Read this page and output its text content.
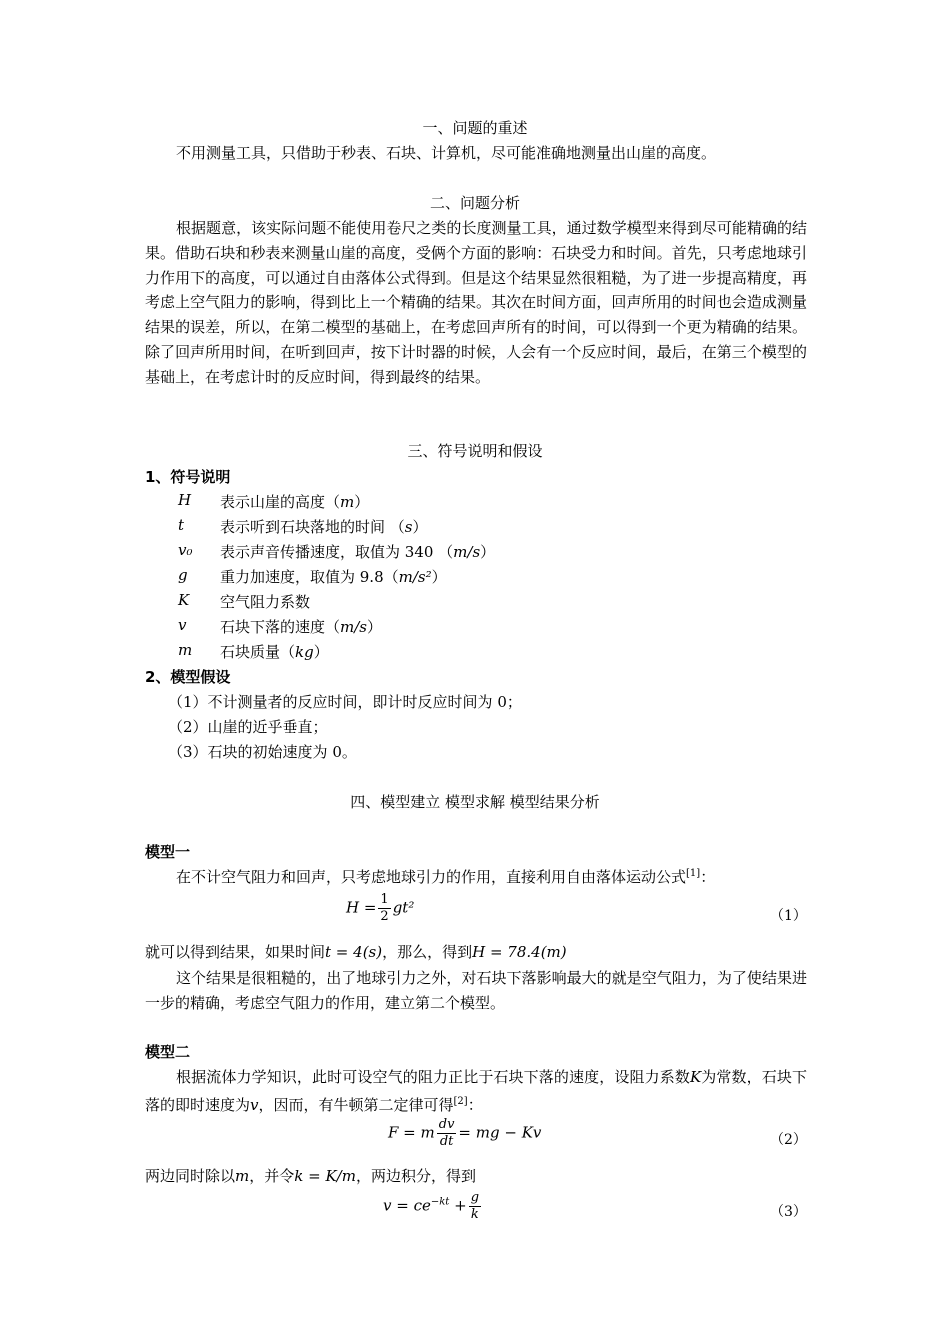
一、问题的重述

不用测量工具，只借助于秒表、石块、计算机，尽可能准确地测量出山崖的高度。

二、问题分析

根据题意，该实际问题不能使用卷尺之类的长度测量工具，通过数学模型来得到尽可能精确的结果。借助石块和秒表来测量山崖的高度，受俩个方面的影响：石块受力和时间。首先，只考虑地球引力作用下的高度，可以通过自由落体公式得到。但是这个结果显然很粗糙，为了进一步提高精度，再考虑上空气阻力的影响，得到比上一个精确的结果。其次在时间方面，回声所用的时间也会造成测量结果的误差，所以，在第二模型的基础上，在考虑回声所有的时间，可以得到一个更为精确的结果。除了回声所用时间，在听到回声，按下计时器的时候，人会有一个反应时间，最后，在第三个模型的基础上，在考虑计时的反应时间，得到最终的结果。

三、符号说明和假设
1、符号说明
H 表示山崖的高度（m）
t 表示听到石块落地的时间 （s）
v₀ 表示声音传播速度，取值为 340 （m/s）
g 重力加速度，取值为 9.8（m/s²）
K 空气阻力系数
v 石块下落的速度（m/s）
m 石块质量（kg）
2、模型假设
（1）不计测量者的反应时间，即计时反应时间为 0；
（2）山崖的近乎垂直；
（3）石块的初始速度为 0。
四、模型建立 模型求解 模型结果分析
模型一
在不计空气阻力和回声，只考虑地球引力的作用，直接利用自由落体运动公式[1]：
$H = \frac{1}{2} gt^2$	（1）
就可以得到结果，如果时间t = 4(s)，那么，得到H = 78.4(m)

这个结果是很粗糙的，出了地球引力之外，对石块下落影响最大的就是空气阻力，为了使结果进一步的精确，考虑空气阻力的作用，建立第二个模型。

模型二

根据流体力学知识，此时可设空气的阻力正比于石块下落的速度，设阻力系数K为常数，石块下落的即时速度为v，因而，有牛顿第二定律可得[2]：

F = m $\frac{dv}{dt}$ = mg − Kv	（2）
两边同时除以m，并令k = K/m，两边积分，得到
$v = ce^{-kt} + \frac{g}{k}$	（3）
